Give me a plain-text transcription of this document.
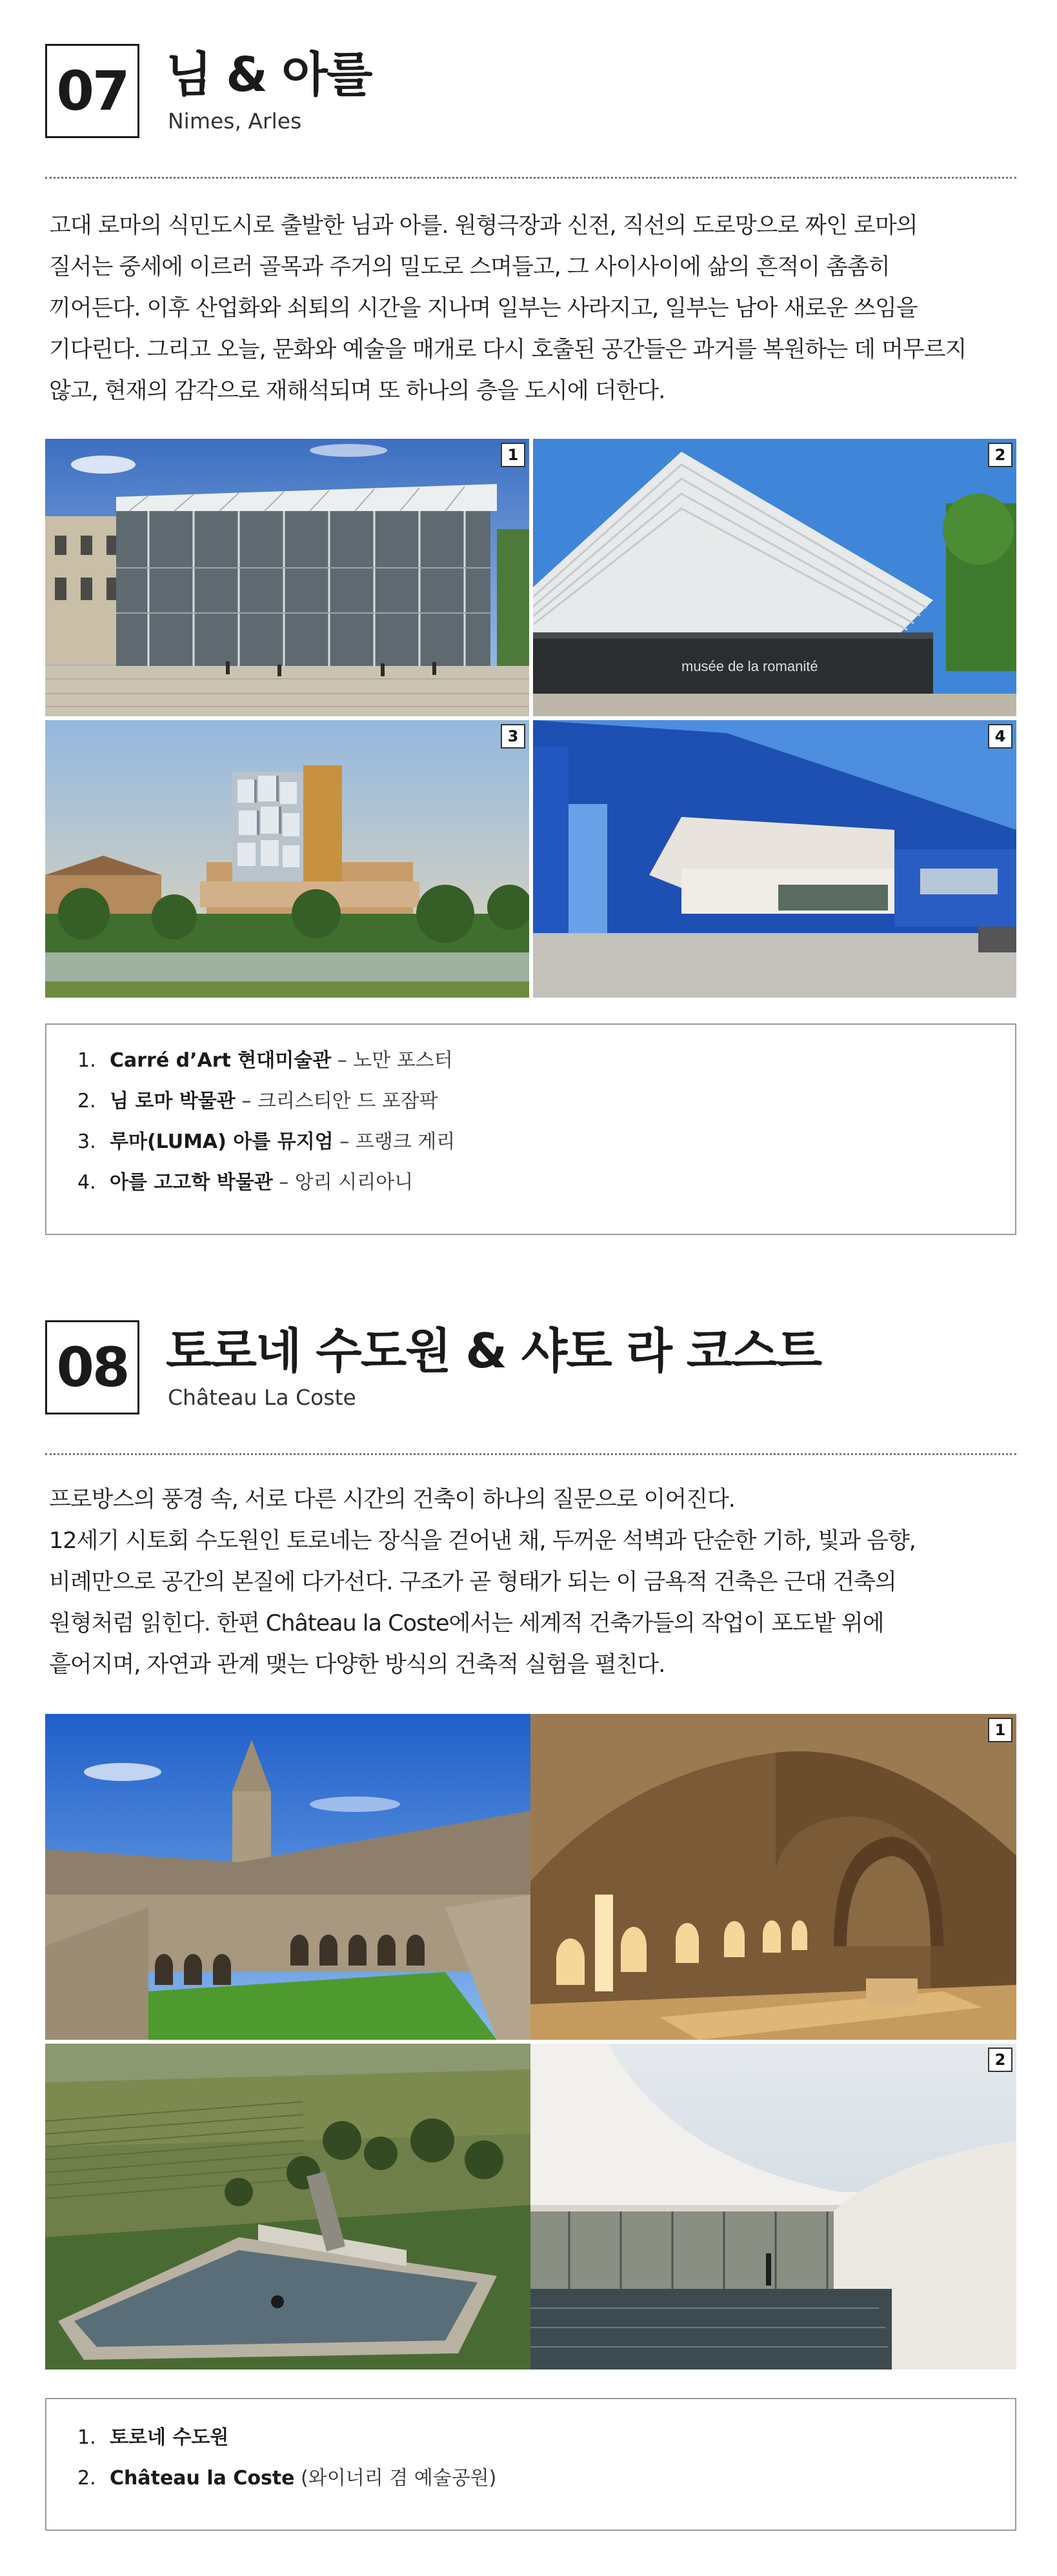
07 님 & 아를
Nimes, Arles
고대 로마의 식민도시로 출발한 님과 아를. 원형극장과 신전, 직선의 도로망으로 짜인 로마의
질서는 중세에 이르러 골목과 주거의 밀도로 스며들고, 그 사이사이에 삶의 흔적이 촘촘히
끼어든다. 이후 산업화와 쇠퇴의 시간을 지나며 일부는 사라지고, 일부는 남아 새로운 쓰임을
기다린다. 그리고 오늘, 문화와 예술을 매개로 다시 호출된 공간들은 과거를 복원하는 데 머무르지
않고, 현재의 감각으로 재해석되며 또 하나의 층을 도시에 더한다.
1
musée de la romanité
2
3	4
1. Carré d’Art 현대미술관 – 노만 포스터
2. 님 로마 박물관 – 크리스티안 드 포잠팍
3. 루마(LUMA) 아를 뮤지엄 – 프랭크 게리
4. 아를 고고학 박물관 – 앙리 시리아니
08 토로네 수도원 & 샤토 라 코스트
Château La Coste
프로방스의 풍경 속, 서로 다른 시간의 건축이 하나의 질문으로 이어진다.
12세기 시토회 수도원인 토로네는 장식을 걷어낸 채, 두꺼운 석벽과 단순한 기하, 빛과 음향,
비례만으로 공간의 본질에 다가선다. 구조가 곧 형태가 되는 이 금욕적 건축은 근대 건축의
원형처럼 읽힌다. 한편 Château la Coste에서는 세계적 건축가들의 작업이 포도밭 위에
흩어지며, 자연과 관계 맺는 다양한 방식의 건축적 실험을 펼친다.
1
2
1. 토로네 수도원
2. Château la Coste (와이너리 겸 예술공원)
